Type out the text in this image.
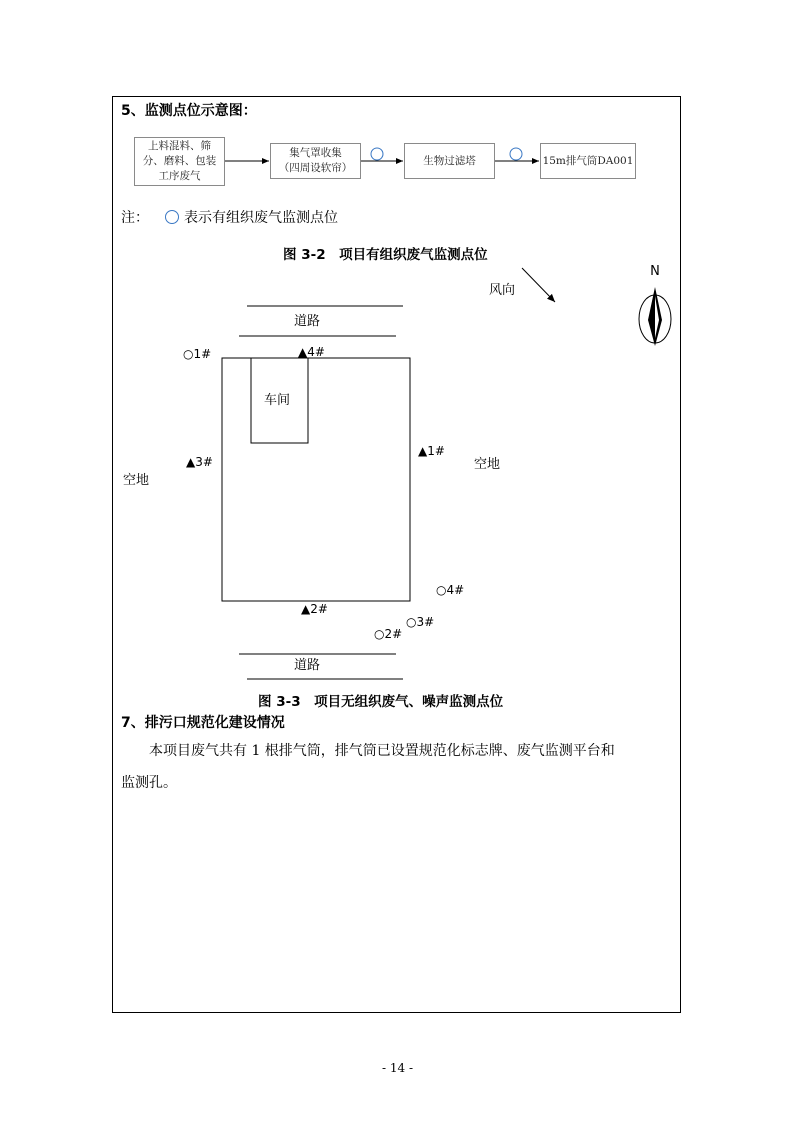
5、监测点位示意图：
上料混料、筛
分、磨料、包装
工序废气
集气罩收集
（四周设软帘）
生物过滤塔	15m排气筒DA001
注：	表示有组织废气监测点位
图 3-2　项目有组织废气监测点位
N
风向
道路
道路
车间
空地
空地
○1#	▲4#
▲3#
▲1#
○4#
▲2#
○3#
○2#
图 3-3　项目无组织废气、噪声监测点位
7、排污口规范化建设情况
本项目废气共有 1 根排气筒，排气筒已设置规范化标志牌、废气监测平台和
监测孔。
- 14 -
